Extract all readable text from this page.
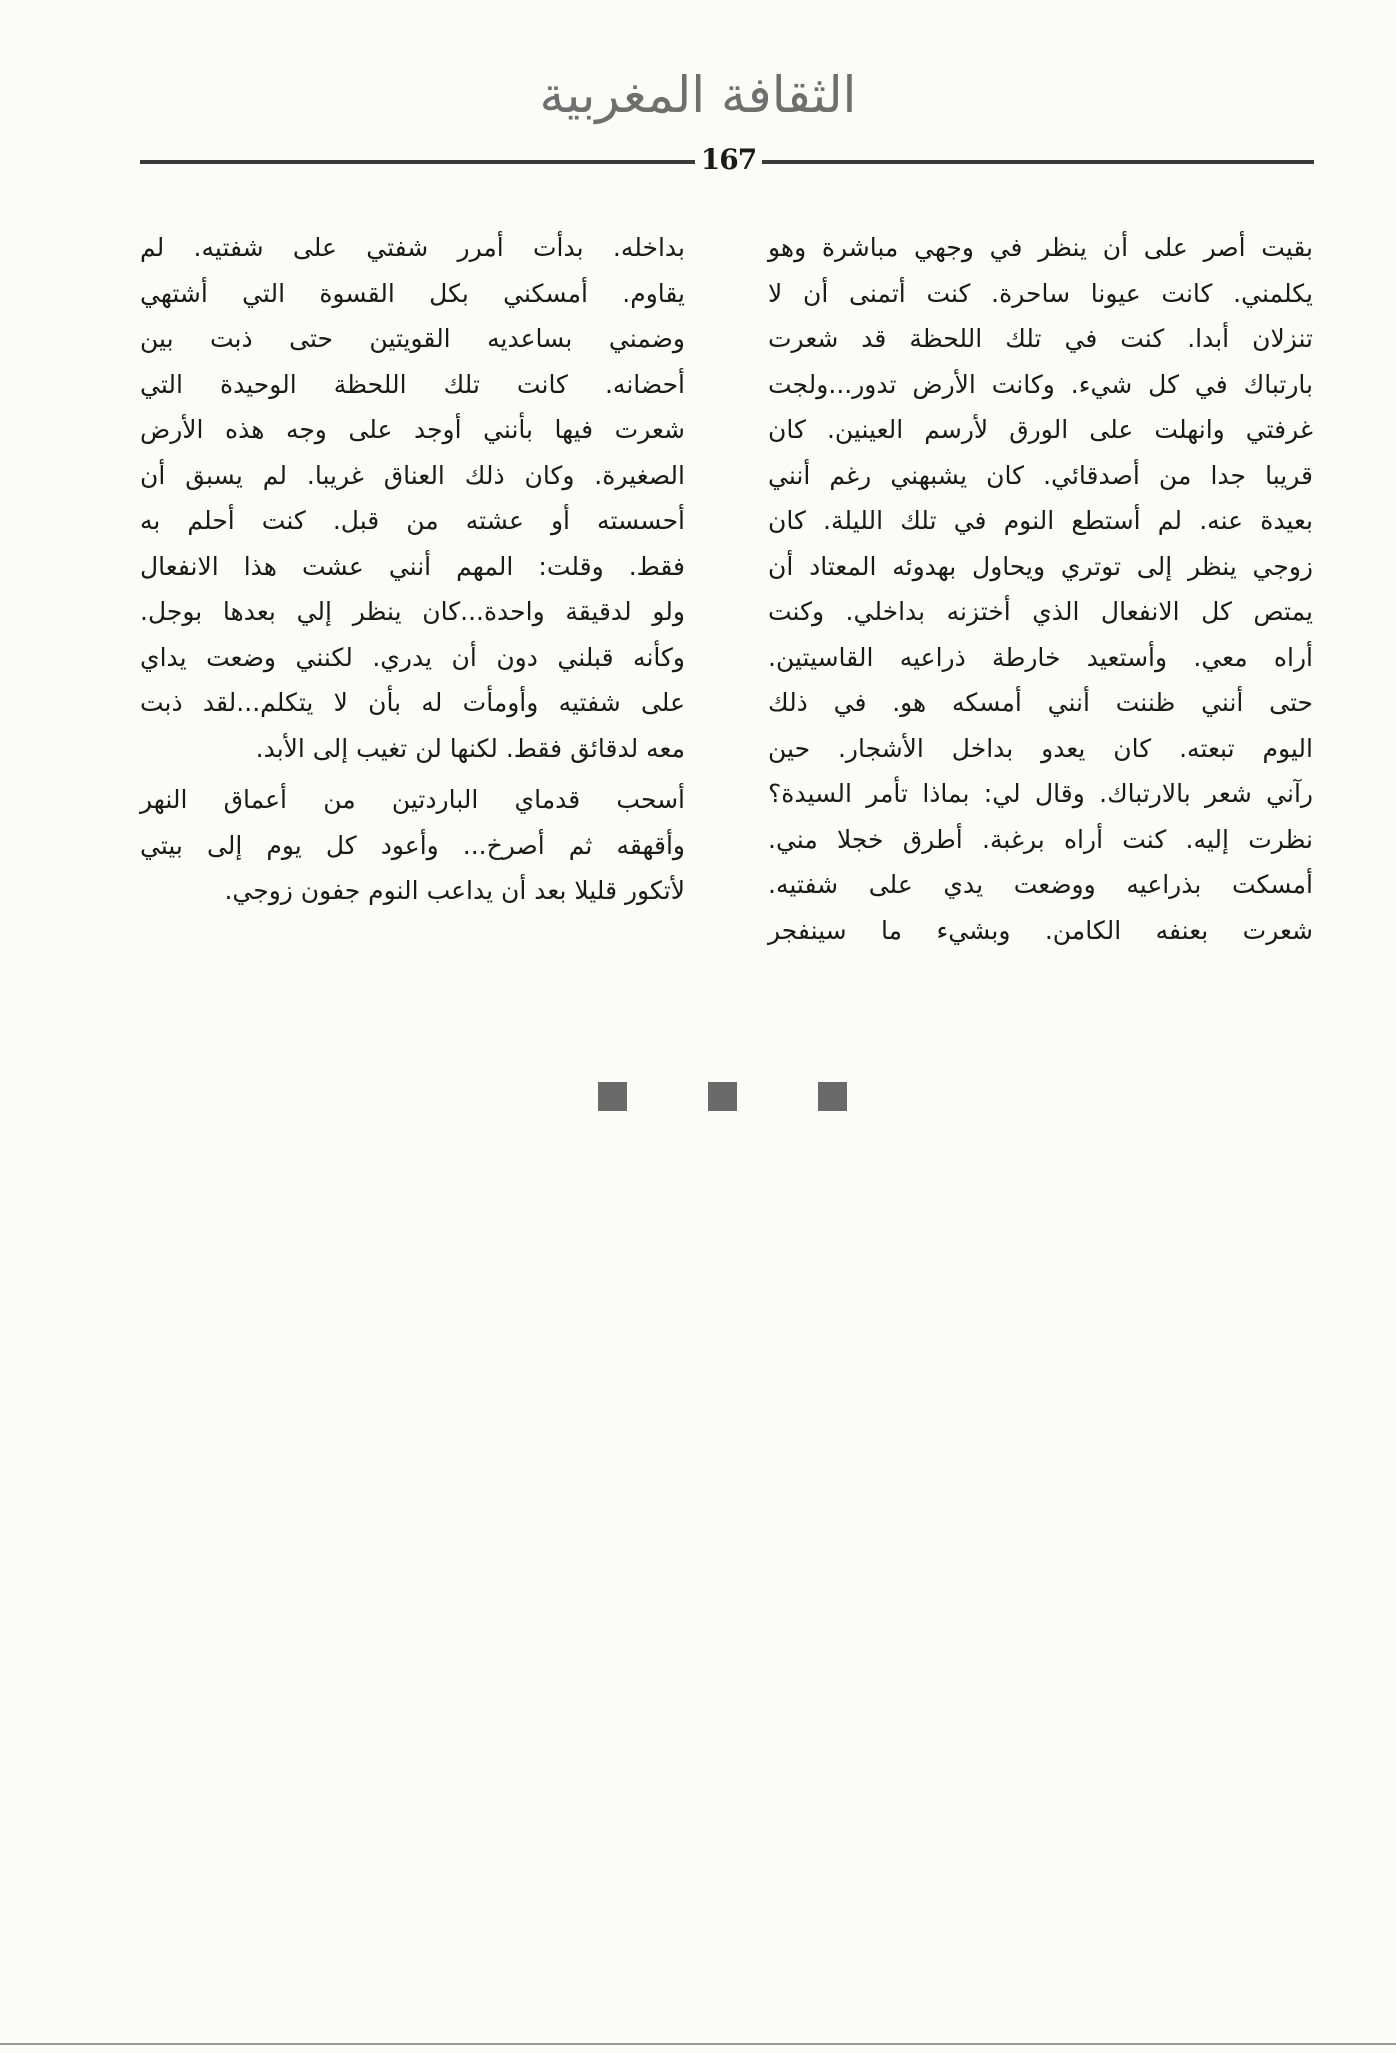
الثقافة المغربية
167
بقيت أصر على أن ينظر في وجهي مباشرة وهو
يكلمني. كانت عيونا ساحرة. كنت أتمنى أن لا
تنزلان أبدا. كنت في تلك اللحظة قد شعرت
بارتباك في كل شيء. وكانت الأرض تدور...ولجت
غرفتي وانهلت على الورق لأرسم العينين. كان
قريبا جدا من أصدقائي. كان يشبهني رغم أنني
بعيدة عنه. لم أستطع النوم في تلك الليلة. كان
زوجي ينظر إلى توتري ويحاول بهدوئه المعتاد أن
يمتص كل الانفعال الذي أختزنه بداخلي. وكنت
أراه معي. وأستعيد خارطة ذراعيه القاسيتين.
حتى أنني ظننت أنني أمسكه هو. في ذلك
اليوم تبعته. كان يعدو بداخل الأشجار. حين
رآني شعر بالارتباك. وقال لي: بماذا تأمر السيدة؟
نظرت إليه. كنت أراه برغبة. أطرق خجلا مني.
أمسكت بذراعيه ووضعت يدي على شفتيه.
شعرت بعنفه الكامن. وبشيء ما سينفجر
بداخله. بدأت أمرر شفتي على شفتيه. لم
يقاوم. أمسكني بكل القسوة التي أشتهي
وضمني بساعديه القويتين حتى ذبت بين
أحضانه. كانت تلك اللحظة الوحيدة التي
شعرت فيها بأنني أوجد على وجه هذه الأرض
الصغيرة. وكان ذلك العناق غريبا. لم يسبق أن
أحسسته أو عشته من قبل. كنت أحلم به
فقط. وقلت: المهم أنني عشت هذا الانفعال
ولو لدقيقة واحدة...كان ينظر إلي بعدها بوجل.
وكأنه قبلني دون أن يدري. لكنني وضعت يداي
على شفتيه وأومأت له بأن لا يتكلم...لقد ذبت
معه لدقائق فقط. لكنها لن تغيب إلى الأبد.
أسحب قدماي الباردتين من أعماق النهر
وأقهقه ثم أصرخ... وأعود كل يوم إلى بيتي
لأتكور قليلا بعد أن يداعب النوم جفون زوجي.
